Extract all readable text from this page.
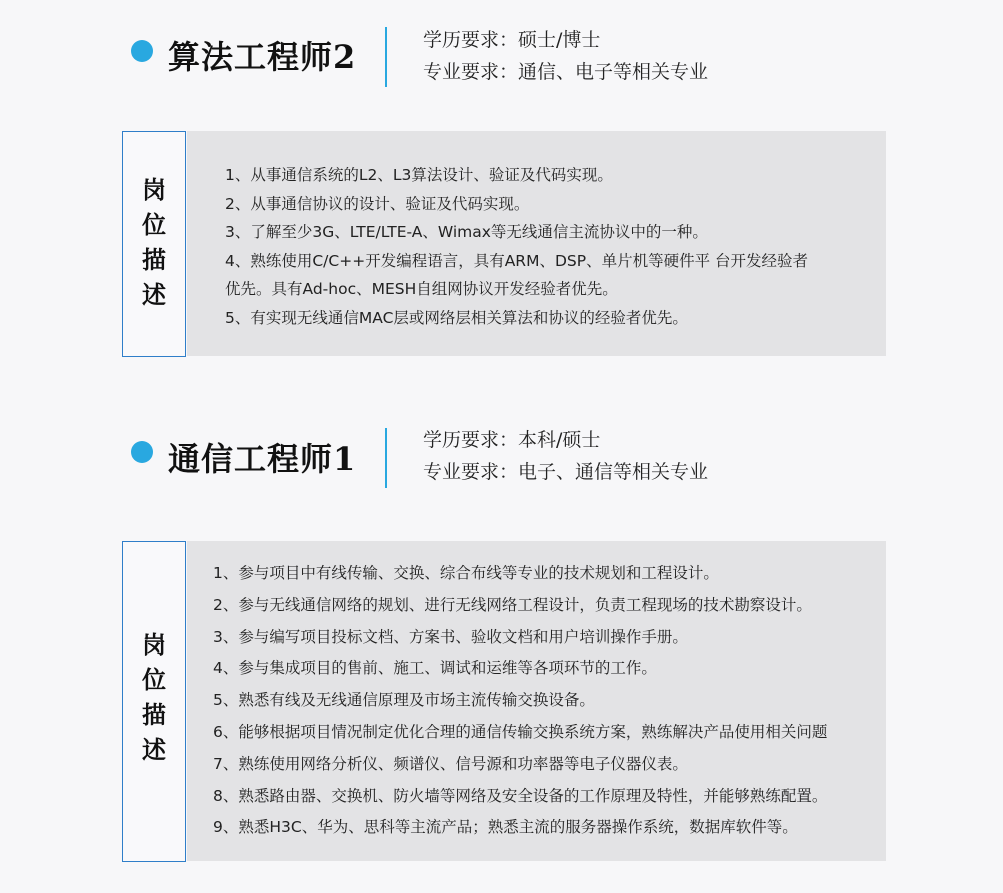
算法工程师2	学历要求：硕士/博士
专业要求：通信、电子等相关专业
岗
位
描
述
1、从事通信系统的L2、L3算法设计、验证及代码实现。
2、从事通信协议的设计、验证及代码实现。
3、了解至少3G、LTE/LTE-A、Wimax等无线通信主流协议中的一种。
4、熟练使用C/C++开发编程语言，具有ARM、DSP、单片机等硬件平 台开发经验者
优先。具有Ad-hoc、MESH自组网协议开发经验者优先。
5、有实现无线通信MAC层或网络层相关算法和协议的经验者优先。
通信工程师1	学历要求：本科/硕士
专业要求：电子、通信等相关专业
岗
位
描
述
1、参与项目中有线传输、交换、综合布线等专业的技术规划和工程设计。
2、参与无线通信网络的规划、进行无线网络工程设计，负责工程现场的技术勘察设计。
3、参与编写项目投标文档、方案书、验收文档和用户培训操作手册。
4、参与集成项目的售前、施工、调试和运维等各项环节的工作。
5、熟悉有线及无线通信原理及市场主流传输交换设备。
6、能够根据项目情况制定优化合理的通信传输交换系统方案，熟练解决产品使用相关问题
7、熟练使用网络分析仪、频谱仪、信号源和功率器等电子仪器仪表。
8、熟悉路由器、交换机、防火墙等网络及安全设备的工作原理及特性，并能够熟练配置。
9、熟悉H3C、华为、思科等主流产品；熟悉主流的服务器操作系统，数据库软件等。
